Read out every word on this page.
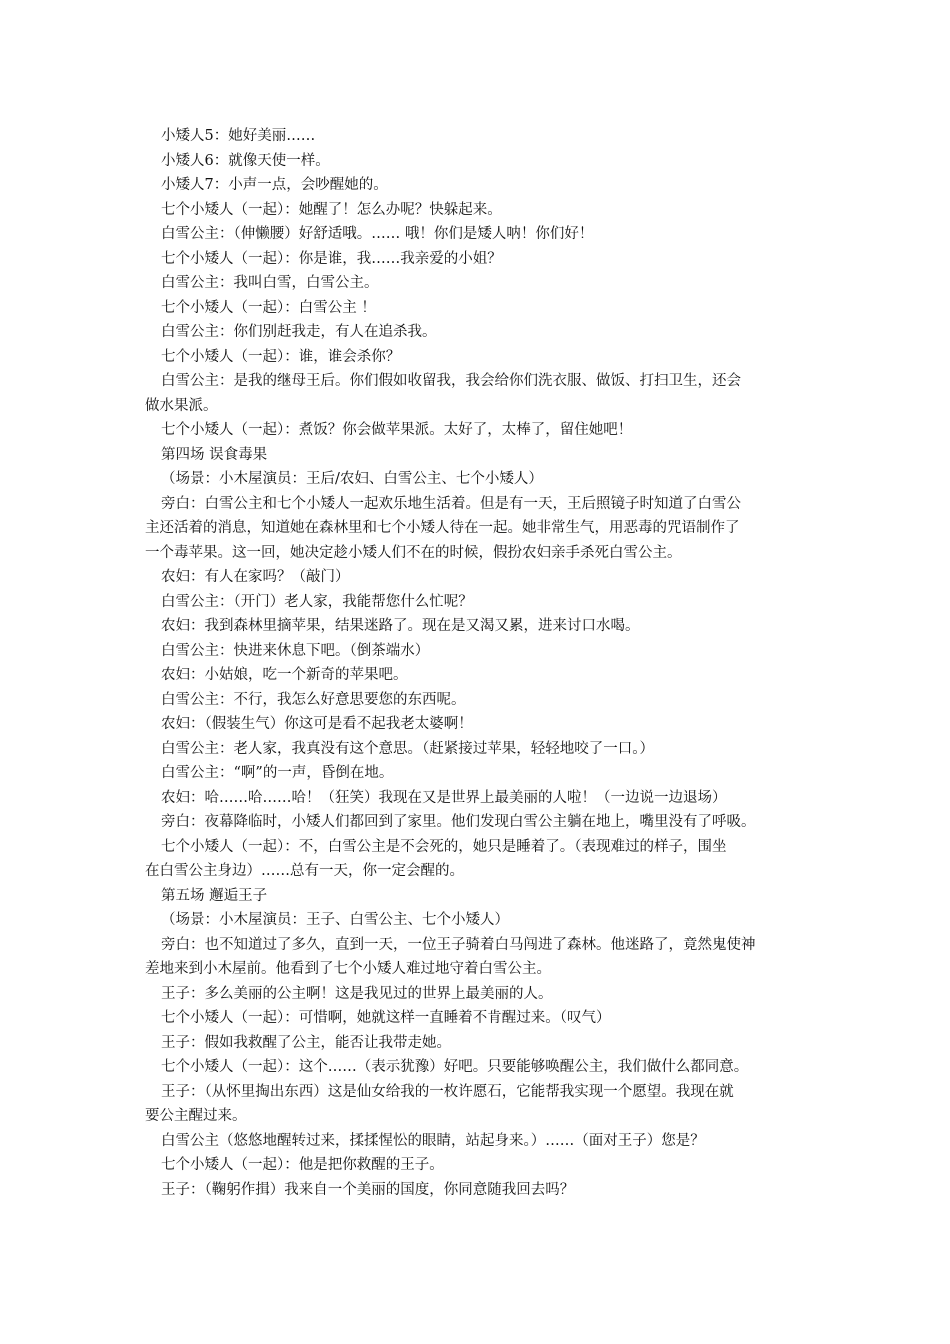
小矮人5：她好美丽……
小矮人6：就像天使一样。
小矮人7：小声一点，会吵醒她的。
七个小矮人（一起）：她醒了！怎么办呢？快躲起来。
白雪公主：（伸懒腰）好舒适哦。…… 哦！你们是矮人呐！你们好！
七个小矮人（一起）：你是谁，我……我亲爱的小姐？
白雪公主：我叫白雪，白雪公主。
七个小矮人（一起）：白雪公主 ！
白雪公主：你们别赶我走，有人在追杀我。
七个小矮人（一起）：谁，谁会杀你？
白雪公主：是我的继母王后。你们假如收留我，我会给你们洗衣服、做饭、打扫卫生，还会
做水果派。
七个小矮人（一起）：煮饭？你会做苹果派。太好了，太棒了，留住她吧！
第四场 误食毒果
（场景：小木屋演员：王后/农妇、白雪公主、七个小矮人）
旁白：白雪公主和七个小矮人一起欢乐地生活着。但是有一天，王后照镜子时知道了白雪公
主还活着的消息，知道她在森林里和七个小矮人待在一起。她非常生气，用恶毒的咒语制作了
一个毒苹果。这一回，她决定趁小矮人们不在的时候，假扮农妇亲手杀死白雪公主。
农妇：有人在家吗？（敲门）
白雪公主：（开门）老人家，我能帮您什么忙呢？
农妇：我到森林里摘苹果，结果迷路了。现在是又渴又累，进来讨口水喝。
白雪公主：快进来休息下吧。（倒茶端水）
农妇：小姑娘，吃一个新奇的苹果吧。
白雪公主：不行，我怎么好意思要您的东西呢。
农妇：（假装生气）你这可是看不起我老太婆啊！
白雪公主：老人家，我真没有这个意思。（赶紧接过苹果，轻轻地咬了一口。）
白雪公主：“啊”的一声，昏倒在地。
农妇：哈……哈……哈！（狂笑）我现在又是世界上最美丽的人啦！（一边说一边退场）
旁白：夜幕降临时，小矮人们都回到了家里。他们发现白雪公主躺在地上，嘴里没有了呼吸。
七个小矮人（一起）：不，白雪公主是不会死的，她只是睡着了。（表现难过的样子，围坐
在白雪公主身边）……总有一天，你一定会醒的。
第五场 邂逅王子
（场景：小木屋演员：王子、白雪公主、七个小矮人）
旁白：也不知道过了多久，直到一天，一位王子骑着白马闯进了森林。他迷路了，竟然鬼使神
差地来到小木屋前。他看到了七个小矮人难过地守着白雪公主。
王子：多么美丽的公主啊！这是我见过的世界上最美丽的人。
七个小矮人（一起）：可惜啊，她就这样一直睡着不肯醒过来。（叹气）
王子：假如我救醒了公主，能否让我带走她。
七个小矮人（一起）：这个……（表示犹豫）好吧。只要能够唤醒公主，我们做什么都同意。
王子：（从怀里掏出东西）这是仙女给我的一枚许愿石，它能帮我实现一个愿望。我现在就
要公主醒过来。
白雪公主（悠悠地醒转过来，揉揉惺忪的眼睛，站起身来。）……（面对王子）您是？
七个小矮人（一起）：他是把你救醒的王子。
王子：（鞠躬作揖）我来自一个美丽的国度，你同意随我回去吗？
